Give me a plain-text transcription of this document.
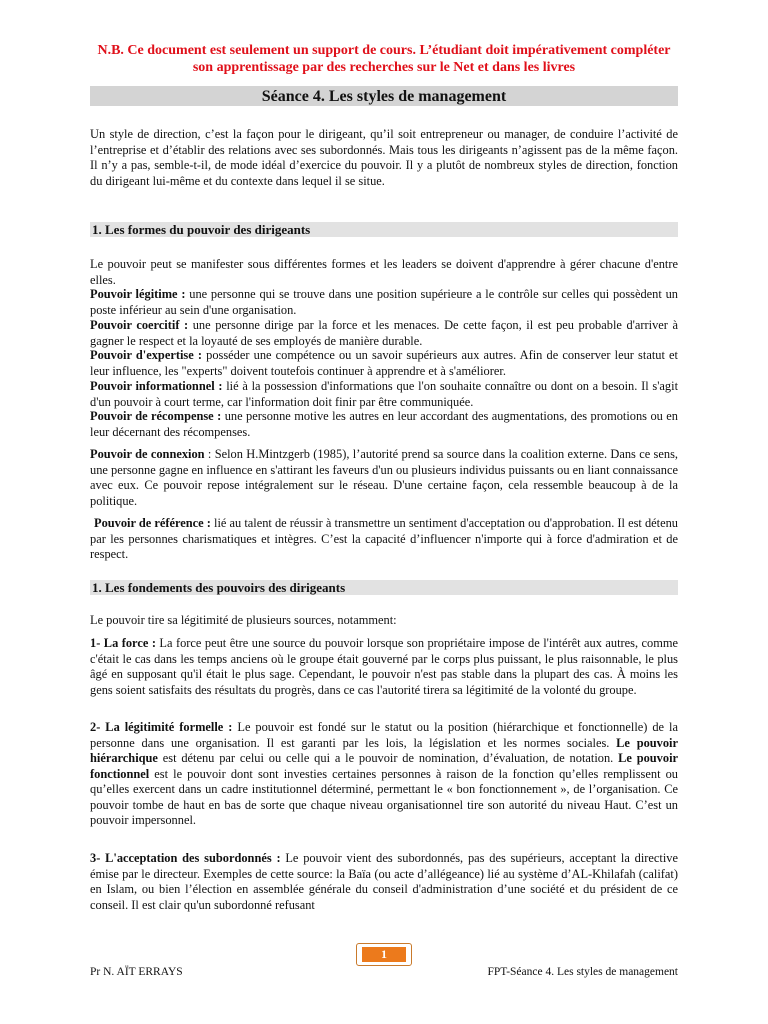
N.B. Ce document est seulement un support de cours. L’étudiant doit impérativement compléter son apprentissage par des recherches sur le Net et dans les livres
Séance 4. Les styles de management

Un style de direction, c’est la façon pour le dirigeant, qu’il soit entrepreneur ou manager, de conduire l’activité de l’entreprise et d’établir des relations avec ses subordonnés. Mais tous les dirigeants n’agissent pas de la même façon. Il n’y a pas, semble-t-il, de mode idéal d’exercice du pouvoir. Il y a plutôt de nombreux styles de direction, fonction du dirigeant lui-même et du contexte dans lequel il se situe.

1. Les formes du pouvoir des dirigeants

Le pouvoir peut se manifester sous différentes formes et les leaders se doivent d'apprendre à gérer chacune d'entre elles.

Pouvoir légitime : une personne qui se trouve dans une position supérieure a le contrôle sur celles qui possèdent un poste inférieur au sein d'une organisation.

Pouvoir coercitif : une personne dirige par la force et les menaces. De cette façon, il est peu probable d'arriver à gagner le respect et la loyauté de ses employés de manière durable.

Pouvoir d'expertise : posséder une compétence ou un savoir supérieurs aux autres. Afin de conserver leur statut et leur influence, les "experts" doivent toutefois continuer à apprendre et à s'améliorer.

Pouvoir informationnel : lié à la possession d'informations que l'on souhaite connaître ou dont on a besoin. Il s'agit d'un pouvoir à court terme, car l'information doit finir par être communiquée.

Pouvoir de récompense : une personne motive les autres en leur accordant des augmentations, des promotions ou en leur décernant des récompenses.

Pouvoir de connexion : Selon H.Mintzgerb (1985), l’autorité prend sa source dans la coalition externe. Dans ce sens, une personne gagne en influence en s'attirant les faveurs d'un ou plusieurs individus puissants ou en liant connaissance avec eux. Ce pouvoir repose intégralement sur le réseau. D'une certaine façon, cela ressemble beaucoup à de la politique.

Pouvoir de référence : lié au talent de réussir à transmettre un sentiment d'acceptation ou d'approbation. Il est détenu par les personnes charismatiques et intègres. C’est la capacité d’influencer n'importe qui à force d'admiration et de respect.

1. Les fondements des pouvoirs des dirigeants

Le pouvoir tire sa légitimité de plusieurs sources, notamment:

1- La force : La force peut être une source du pouvoir lorsque son propriétaire impose de l'intérêt aux autres, comme c'était le cas dans les temps anciens où le groupe était gouverné par le corps plus puissant, le plus raisonnable, le plus âgé en supposant qu'il était le plus sage. Cependant, le pouvoir n'est pas stable dans la plupart des cas. À moins les gens soient satisfaits des résultats du progrès, dans ce cas l'autorité tirera sa légitimité de la volonté du groupe.

2- La légitimité formelle : Le pouvoir est fondé sur le statut ou la position (hiérarchique et fonctionnelle) de la personne dans une organisation. Il est garanti par les lois, la législation et les normes sociales. Le pouvoir hiérarchique est détenu par celui ou celle qui a le pouvoir de nomination, d’évaluation, de notation. Le pouvoir fonctionnel est le pouvoir dont sont investies certaines personnes à raison de la fonction qu’elles remplissent ou qu’elles exercent dans un cadre institutionnel déterminé, permettant le « bon fonctionnement », de l’organisation. Ce pouvoir tombe de haut en bas de sorte que chaque niveau organisationnel tire son autorité du niveau Haut. C’est un pouvoir impersonnel.

3- L'acceptation des subordonnés : Le pouvoir vient des subordonnés, pas des supérieurs, acceptant la directive émise par le directeur. Exemples de cette source: la Baïa (ou acte d’allégeance) lié au système d’AL-Khilafah (califat) en Islam, ou bien l’élection en assemblée générale du conseil d'administration d’une société et du président de ce conseil. Il est clair qu'un subordonné refusant

1
Pr N. AÏT ERRAYS	FPT-Séance 4. Les styles de management
